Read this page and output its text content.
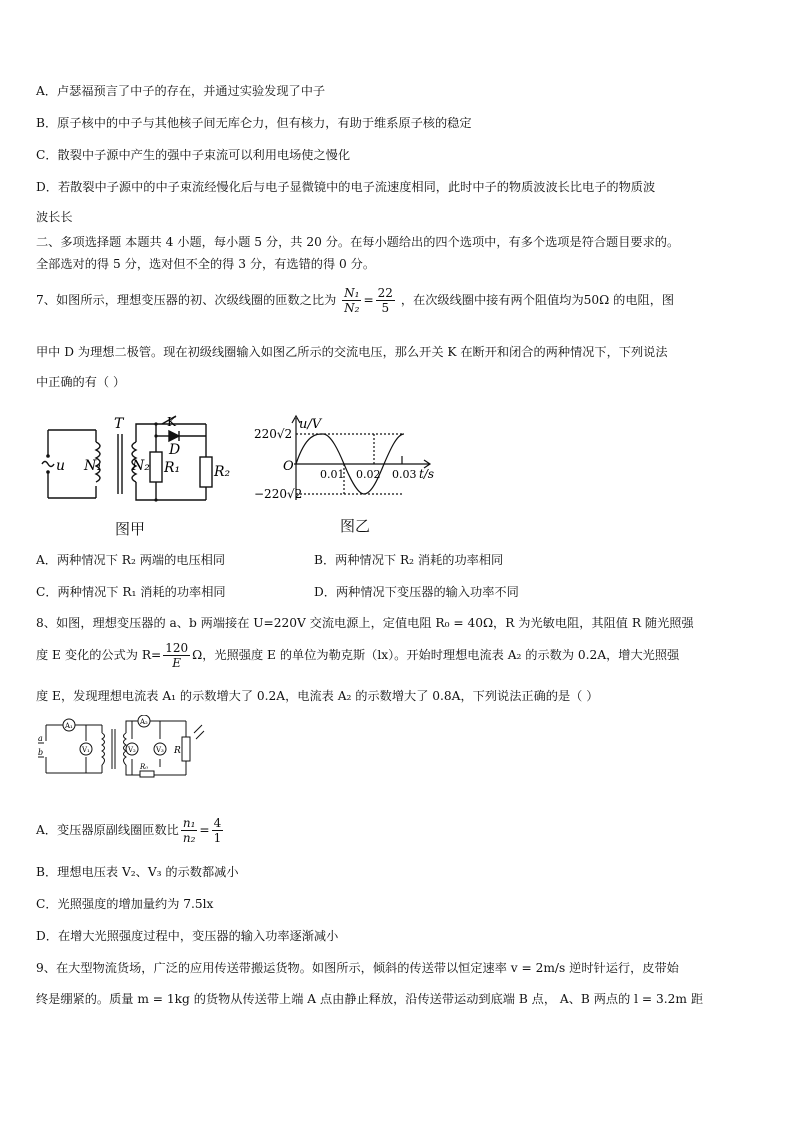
A．卢瑟福预言了中子的存在，并通过实验发现了中子
B．原子核中的中子与其他核子间无库仑力，但有核力，有助于维系原子核的稳定
C．散裂中子源中产生的强中子束流可以利用电场使之慢化
D．若散裂中子源中的中子束流经慢化后与电子显微镜中的电子流速度相同，此时中子的物质波波长比电子的物质波
波长长
二、多项选择题 本题共 4 小题，每小题 5 分，共 20 分。在每小题给出的四个选项中，有多个选项是符合题目要求的。
全部选对的得 5 分，选对但不全的得 3 分，有选错的得 0 分。
7、如图所示，理想变压器的初、次级线圈的匝数之比为 $\frac{\text{N₁}}{\text{N₂}} = \frac{22}{5}$ ，在次级线圈中接有两个阻值均为50Ω 的电阻，图
甲中 D 为理想二极管。现在初级线圈输入如图乙所示的交流电压，那么开关 K 在断开和闭合的两种情况下，下列说法
中正确的有（ ）
T	K
D
u N₁ N₂ R₁ R₂
图甲
u/V
220√2
−220√2
O
0.01 0.02 0.03 t/s
图乙
A．两种情况下 R₂ 两端的电压相同	B．两种情况下 R₂ 消耗的功率相同
C．两种情况下 R₁ 消耗的功率相同	D．两种情况下变压器的输入功率不同
8、如图，理想变压器的 a、b 两端接在 U=220V 交流电源上，定值电阻 R₀ = 40Ω，R 为光敏电阻，其阻值 R 随光照强
度 E 变化的公式为 $R= \frac{120}{E}$ Ω，光照强度 E 的单位为勒克斯（lx）。开始时理想电流表 A₂ 的示数为 0.2A，增大光照强
度 E，发现理想电流表 A₁ 的示数增大了 0.2A，电流表 A₂ 的示数增大了 0.8A，下列说法正确的是（ ）
A₁
V₁
A₂
V₂	V₃
R₀
R
a
b
A．变压器原副线圈匝数比 $\frac{\text{n₁}}{\text{n₂}} = \frac{4}{1}$
B．理想电压表 V₂、V₃ 的示数都减小
C．光照强度的增加量约为 7.5lx
D．在增大光照强度过程中，变压器的输入功率逐渐减小
9、在大型物流货场，广泛的应用传送带搬运货物。如图所示，倾斜的传送带以恒定速率 v = 2m/s 逆时针运行，皮带始
终是绷紧的。质量 m = 1kg 的货物从传送带上端 A 点由静止释放，沿传送带运动到底端 B 点， A、B 两点的 l = 3.2m 距
